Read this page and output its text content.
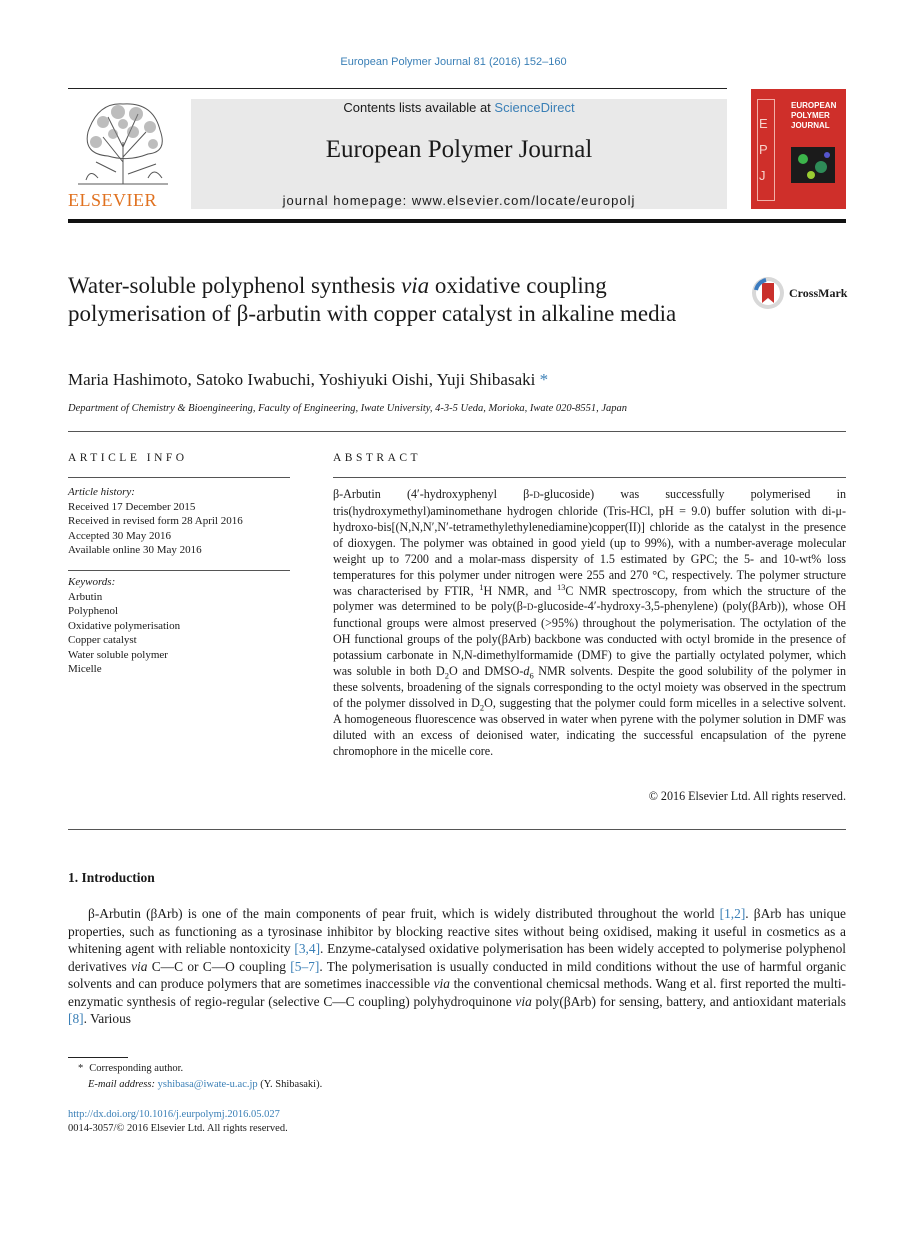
European Polymer Journal 81 (2016) 152–160
ELSEVIER
Contents lists available at ScienceDirect
European Polymer Journal
journal homepage: www.elsevier.com/locate/europolj
EPJ
EUROPEAN
POLYMER
JOURNAL
Water-soluble polyphenol synthesis via oxidative coupling polymerisation of β-arbutin with copper catalyst in alkaline media
CrossMark
Maria Hashimoto, Satoko Iwabuchi, Yoshiyuki Oishi, Yuji Shibasaki *
Department of Chemistry & Bioengineering, Faculty of Engineering, Iwate University, 4-3-5 Ueda, Morioka, Iwate 020-8551, Japan
ARTICLE INFO
Article history:
Received 17 December 2015
Received in revised form 28 April 2016
Accepted 30 May 2016
Available online 30 May 2016
Keywords:
Arbutin
Polyphenol
Oxidative polymerisation
Copper catalyst
Water soluble polymer
Micelle
ABSTRACT

β-Arbutin (4′-hydroxyphenyl β-D-glucoside) was successfully polymerised in tris(hydroxymethyl)aminomethane hydrogen chloride (Tris-HCl, pH = 9.0) buffer solution with di-μ-hydroxo-bis[(N,N,N′,N′-tetramethylethylenediamine)copper(II)] chloride as the catalyst in the presence of dioxygen. The polymer was obtained in good yield (up to 99%), with a number-average molecular weight up to 7200 and a molar-mass dispersity of 1.5 estimated by GPC; the 5- and 10-wt% loss temperatures for this polymer under nitrogen were 255 and 270 °C, respectively. The polymer structure was characterised by FTIR, $^1$H NMR, and $^{13}$C NMR spectroscopy, from which the structure of the polymer was determined to be poly(β-D-glucoside-4′-hydroxy-3,5-phenylene) (poly(βArb)), whose OH functional groups were almost preserved (>95%) throughout the polymerisation. The octylation of the OH functional groups of the poly(βArb) backbone was conducted with octyl bromide in the presence of potassium carbonate in N,N-dimethylformamide (DMF) to give the partially octylated polymer, which was soluble in both $D_2O$ and DMSO-$d_6$ NMR solvents. Despite the good solubility of the polymer in these solvents, broadening of the signals corresponding to the octyl moiety was observed in the spectrum of the polymer dissolved in $D_2O$, suggesting that the polymer could form micelles in a selective solvent. A homogeneous fluorescence was observed in water when pyrene with the polymer solution in DMF was diluted with an excess of deionised water, indicating the successful encapsulation of the pyrene chromophore in the micelle core.

© 2016 Elsevier Ltd. All rights reserved.
1. Introduction

β-Arbutin (βArb) is one of the main components of pear fruit, which is widely distributed throughout the world [1,2]. βArb has unique properties, such as functioning as a tyrosinase inhibitor by blocking reactive sites without being oxidised, making it useful in cosmetics as a whitening agent with reliable nontoxicity [3,4]. Enzyme-catalysed oxidative polymerisation has been widely accepted to polymerise polyphenol derivatives via C—C or C—O coupling [5–7]. The polymerisation is usually conducted in mild conditions without the use of harmful organic solvents and can produce polymers that are sometimes inaccessible via the conventional chemicsal methods. Wang et al. first reported the multi-enzymatic synthesis of regio-regular (selective C—C coupling) polyhydroquinone via poly(βArb) for sensing, battery, and antioxidant materials [8]. Various

* Corresponding author.
E-mail address: yshibasa@iwate-u.ac.jp (Y. Shibasaki).
http://dx.doi.org/10.1016/j.eurpolymj.2016.05.027
0014-3057/© 2016 Elsevier Ltd. All rights reserved.
